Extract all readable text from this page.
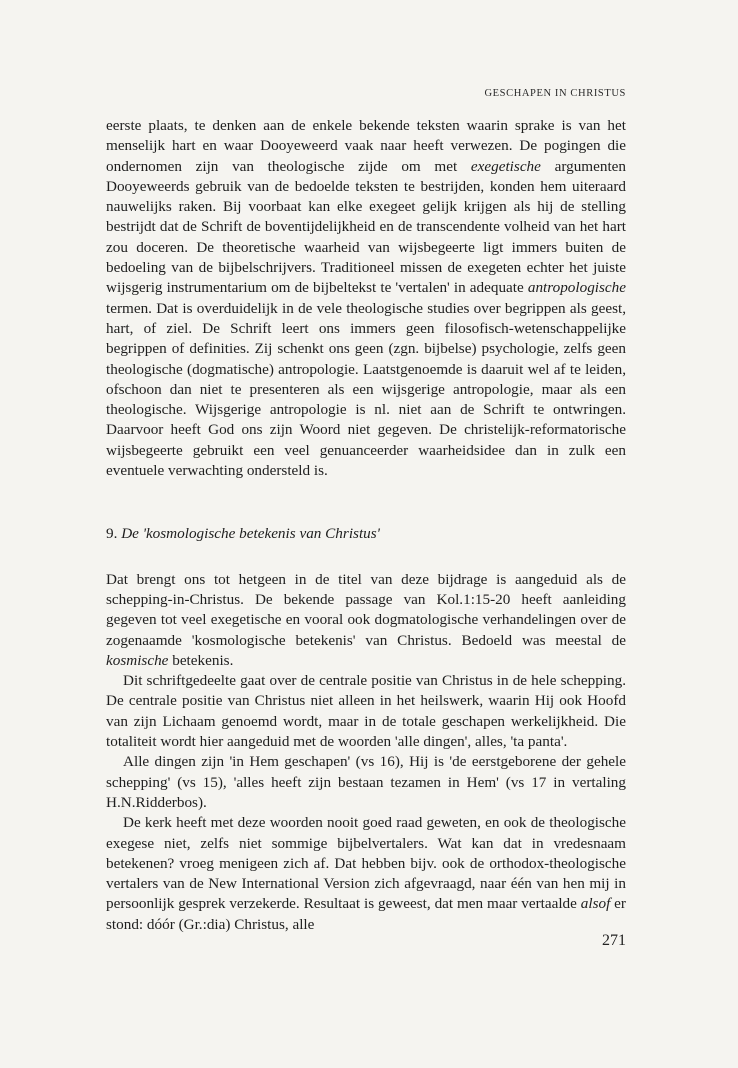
GESCHAPEN IN CHRISTUS

eerste plaats, te denken aan de enkele bekende teksten waarin sprake is van het menselijk hart en waar Dooyeweerd vaak naar heeft verwezen. De pogingen die ondernomen zijn van theologische zijde om met exegetische argumenten Dooyeweerds gebruik van de bedoelde teksten te bestrijden, konden hem uiteraard nauwelijks raken. Bij voorbaat kan elke exegeet gelijk krijgen als hij de stelling bestrijdt dat de Schrift de boventijdelijkheid en de transcendente volheid van het hart zou doceren. De theoretische waarheid van wijsbegeerte ligt immers buiten de bedoeling van de bijbelschrijvers. Traditioneel missen de exegeten echter het juiste wijsgerig instrumentarium om de bijbeltekst te 'vertalen' in adequate antropologische termen. Dat is overduidelijk in de vele theologische studies over begrippen als geest, hart, of ziel. De Schrift leert ons immers geen filosofisch-wetenschappelijke begrippen of definities. Zij schenkt ons geen (zgn. bijbelse) psychologie, zelfs geen theologische (dogmatische) antropologie. Laatstgenoemde is daaruit wel af te leiden, ofschoon dan niet te presenteren als een wijsgerige antropologie, maar als een theologische. Wijsgerige antropologie is nl. niet aan de Schrift te ontwringen. Daarvoor heeft God ons zijn Woord niet gegeven. De christelijk-reformatorische wijsbegeerte gebruikt een veel genuanceerder waarheidsidee dan in zulk een eventuele verwachting ondersteld is.

9. De 'kosmologische betekenis van Christus'

Dat brengt ons tot hetgeen in de titel van deze bijdrage is aangeduid als de schepping-in-Christus. De bekende passage van Kol.1:15-20 heeft aanleiding gegeven tot veel exegetische en vooral ook dogmatologische verhandelingen over de zogenaamde 'kosmologische betekenis' van Christus. Bedoeld was meestal de kosmische betekenis.

Dit schriftgedeelte gaat over de centrale positie van Christus in de hele schepping. De centrale positie van Christus niet alleen in het heilswerk, waarin Hij ook Hoofd van zijn Lichaam genoemd wordt, maar in de totale geschapen werkelijkheid. Die totaliteit wordt hier aangeduid met de woorden 'alle dingen', alles, 'ta panta'.

Alle dingen zijn 'in Hem geschapen' (vs 16), Hij is 'de eerstgeborene der gehele schepping' (vs 15), 'alles heeft zijn bestaan tezamen in Hem' (vs 17 in vertaling H.N.Ridderbos).

De kerk heeft met deze woorden nooit goed raad geweten, en ook de theologische exegese niet, zelfs niet sommige bijbelvertalers. Wat kan dat in vredesnaam betekenen? vroeg menigeen zich af. Dat hebben bijv. ook de orthodox-theologische vertalers van de New International Version zich afgevraagd, naar één van hen mij in persoonlijk gesprek verzekerde. Resultaat is geweest, dat men maar vertaalde alsof er stond: dóór (Gr.:dia) Christus, alle

271
